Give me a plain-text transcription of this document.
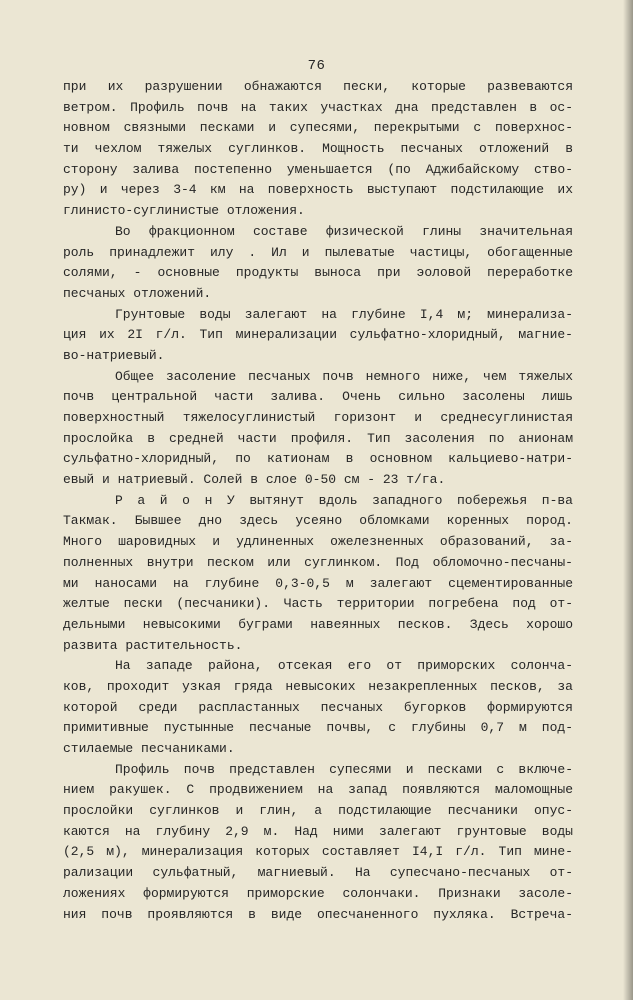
76
при их разрушении обнажаются пески, которые развеваются
ветром. Профиль почв на таких участках дна представлен в ос-
новном связными песками и супесями, перекрытыми с поверхнос-
ти чехлом тяжелых суглинков. Мощность песчаных отложений в
сторону залива постепенно уменьшается (по Аджибайскому ство-
ру) и через 3-4 км на поверхность выступают подстилающие их
глинисто-суглинистые отложения.
Во фракционном составе физической глины значительная
роль принадлежит илу . Ил и пылеватые частицы, обогащенные
солями, - основные продукты выноса при эоловой переработке
песчаных отложений.
Грунтовые воды залегают на глубине I,4 м; минерализа-
ция их 2I г/л. Тип минерализации сульфатно-хлоридный, магние-
во-натриевый.
Общее засоление песчаных почв немного ниже, чем тяжелых
почв центральной части залива. Очень сильно засолены лишь
поверхностный тяжелосуглинистый горизонт и среднесуглинистая
прослойка в средней части профиля. Тип засоления по анионам
сульфатно-хлоридный, по катионам в основном кальциево-натри-
евый и натриевый. Солей в слое 0-50 см - 23 т/га.
Р а й о н У вытянут вдоль западного побережья п-ва
Такмак. Бывшее дно здесь усеяно обломками коренных пород.
Много шаровидных и удлиненных ожелезненных образований, за-
полненных внутри песком или суглинком. Под обломочно-песчаны-
ми наносами на глубине 0,3-0,5 м залегают сцементированные
желтые пески (песчаники). Часть территории погребена под от-
дельными невысокими буграми навеянных песков. Здесь хорошо
развита растительность.
На западе района, отсекая его от приморских солонча-
ков, проходит узкая гряда невысоких незакрепленных песков, за
которой среди распластанных песчаных бугорков формируются
примитивные пустынные песчаные почвы, с глубины 0,7 м под-
стилаемые песчаниками.
Профиль почв представлен супесями и песками с включе-
нием ракушек. С продвижением на запад появляются маломощные
прослойки суглинков и глин, а подстилающие песчаники опус-
каются на глубину 2,9 м. Над ними залегают грунтовые воды
(2,5 м), минерализация которых составляет I4,I г/л. Тип мине-
рализации сульфатный, магниевый. На супесчано-песчаных от-
ложениях формируются приморские солончаки. Признаки засоле-
ния почв проявляются в виде опесчаненного пухляка. Встреча-
